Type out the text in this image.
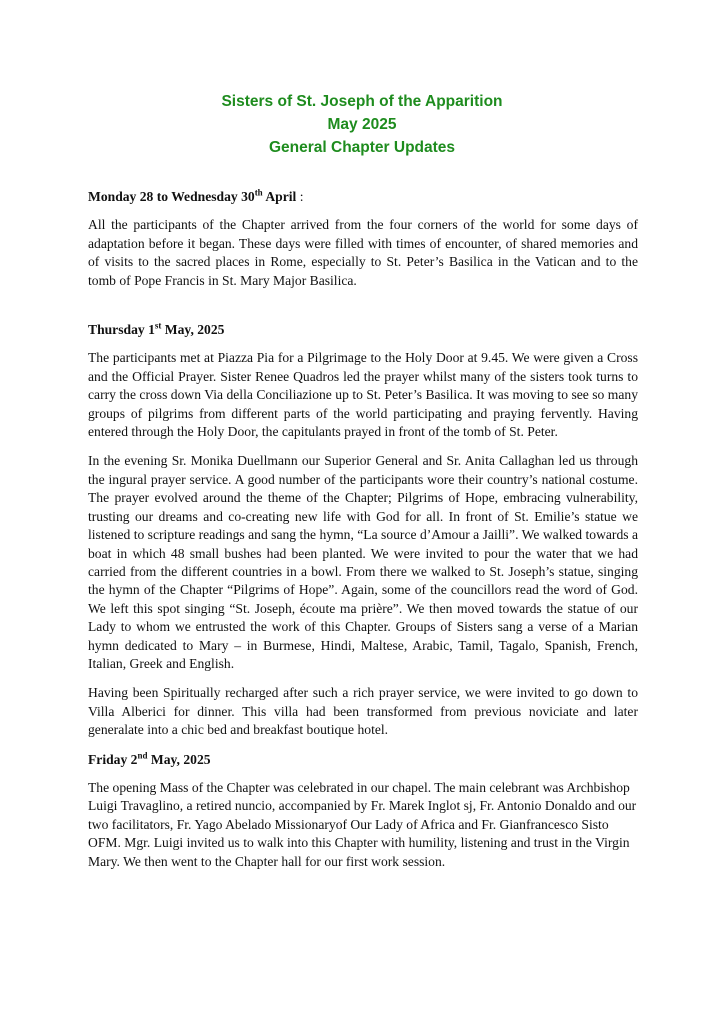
Sisters of St. Joseph of the Apparition
May 2025
General Chapter Updates
Monday 28 to Wednesday 30th April :

All the participants of the Chapter arrived from the four corners of the world for some days of adaptation before it began. These days were filled with times of encounter, of shared memories and of visits to the sacred places in Rome, especially to St. Peter’s Basilica in the Vatican and to the tomb of Pope Francis in St. Mary Major Basilica.

Thursday 1st May, 2025

The participants met at Piazza Pia for a Pilgrimage to the Holy Door at 9.45. We were given a Cross and the Official Prayer. Sister Renee Quadros led the prayer whilst many of the sisters took turns to carry the cross down Via della Conciliazione up to St. Peter’s Basilica. It was moving to see so many groups of pilgrims from different parts of the world participating and praying fervently. Having entered through the Holy Door, the capitulants prayed in front of the tomb of St. Peter.

In the evening Sr. Monika Duellmann our Superior General and Sr. Anita Callaghan led us through the ingural prayer service. A good number of the participants wore their country’s national costume. The prayer evolved around the theme of the Chapter; Pilgrims of Hope, embracing vulnerability, trusting our dreams and co-creating new life with God for all. In front of St. Emilie’s statue we listened to scripture readings and sang the hymn, “La source d’Amour a Jailli”. We walked towards a boat in which 48 small bushes had been planted. We were invited to pour the water that we had carried from the different countries in a bowl. From there we walked to St. Joseph’s statue, singing the hymn of the Chapter “Pilgrims of Hope”. Again, some of the councillors read the word of God. We left this spot singing “St. Joseph, écoute ma prière”. We then moved towards the statue of our Lady to whom we entrusted the work of this Chapter. Groups of Sisters sang a verse of a Marian hymn dedicated to Mary – in Burmese, Hindi, Maltese, Arabic, Tamil, Tagalo, Spanish, French, Italian, Greek and English.

Having been Spiritually recharged after such a rich prayer service, we were invited to go down to Villa Alberici for dinner. This villa had been transformed from previous noviciate and later generalate into a chic bed and breakfast boutique hotel.

Friday 2nd May, 2025

The opening Mass of the Chapter was celebrated in our chapel. The main celebrant was Archbishop Luigi Travaglino, a retired nuncio, accompanied by Fr. Marek Inglot sj, Fr. Antonio Donaldo and our two facilitators, Fr. Yago Abelado Missionaryof Our Lady of Africa and Fr. Gianfrancesco Sisto OFM. Mgr. Luigi invited us to walk into this Chapter with humility, listening and trust in the Virgin Mary. We then went to the Chapter hall for our first work session.
